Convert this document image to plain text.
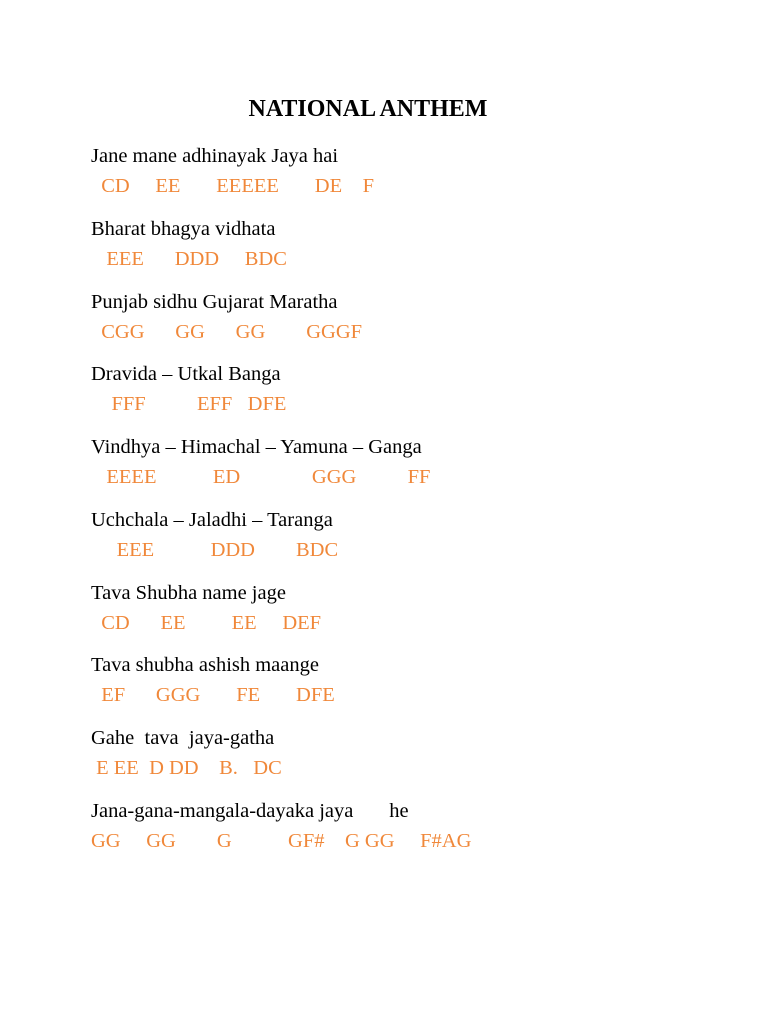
NATIONAL ANTHEM
Jane mane adhinayak Jaya hai
CD     EE       EEEEE       DE    F
Bharat bhagya vidhata
EEE      DDD     BDC
Punjab sidhu Gujarat Maratha
CGG      GG      GG        GGGF
Dravida – Utkal Banga
FFF          EFF   DFE
Vindhya – Himachal – Yamuna – Ganga
EEEE           ED              GGG          FF
Uchchala – Jaladhi – Taranga
EEE           DDD        BDC
Tava Shubha name jage
CD      EE         EE     DEF
Tava shubha ashish maange
EF      GGG       FE       DFE
Gahe  tava  jaya-gatha
E EE  D DD    B.   DC
Jana-gana-mangala-dayaka jaya       he
GG     GG        G           GF#    G GG     F#AG
